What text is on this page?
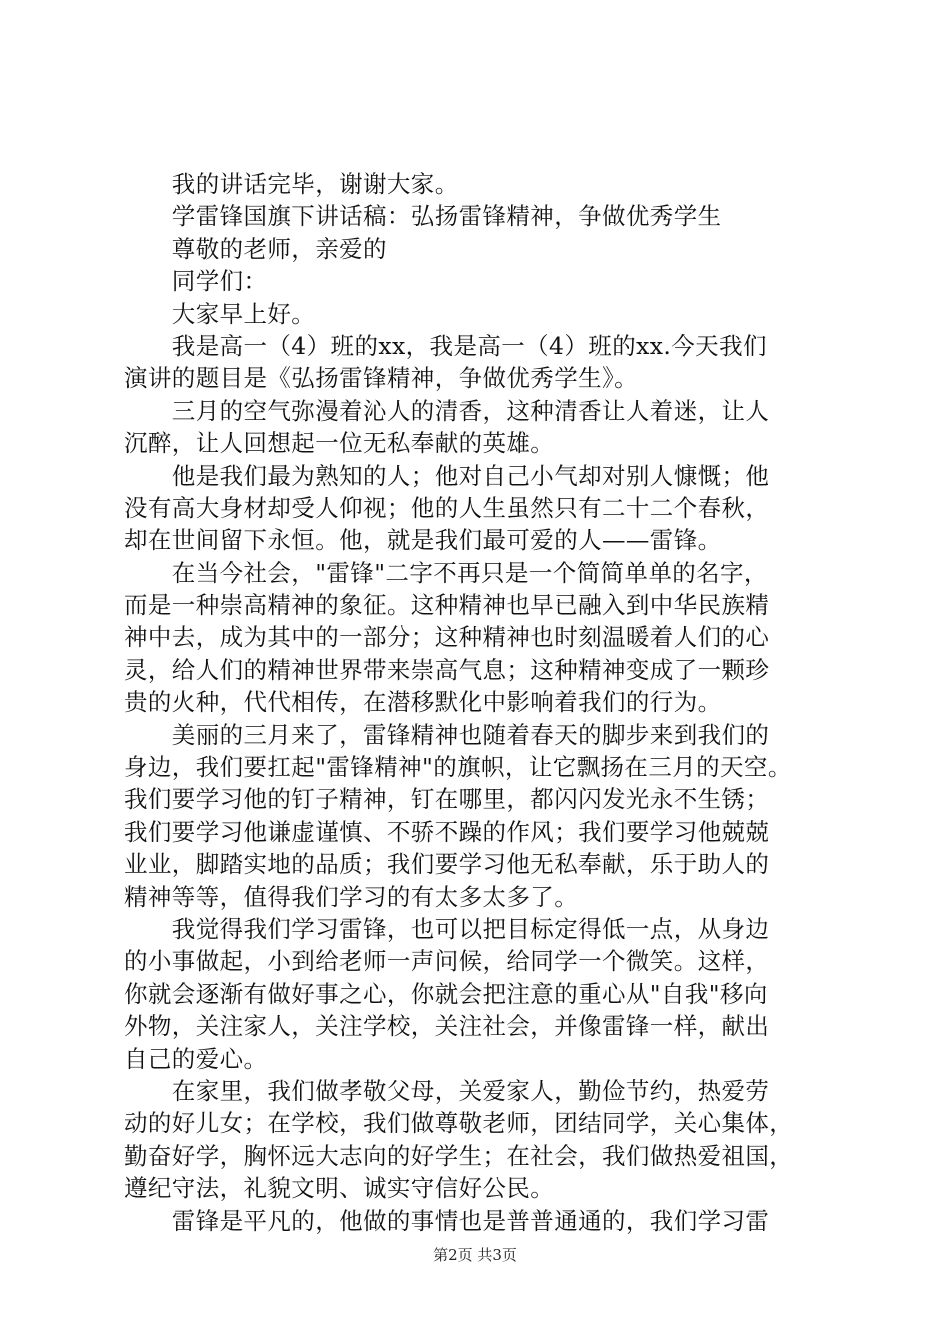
　　我的讲话完毕，谢谢大家。
　　学雷锋国旗下讲话稿：弘扬雷锋精神，争做优秀学生
　　尊敬的老师，亲爱的
　　同学们：
　　大家早上好。
　　我是高一（4）班的xx，我是高一（4）班的xx.今天我们
演讲的题目是《弘扬雷锋精神，争做优秀学生》。
　　三月的空气弥漫着沁人的清香，这种清香让人着迷，让人
沉醉，让人回想起一位无私奉献的英雄。
　　他是我们最为熟知的人；他对自己小气却对别人慷慨；他
没有高大身材却受人仰视；他的人生虽然只有二十二个春秋，
却在世间留下永恒。他，就是我们最可爱的人——雷锋。
　　在当今社会，"雷锋"二字不再只是一个简简单单的名字，
而是一种崇高精神的象征。这种精神也早已融入到中华民族精
神中去，成为其中的一部分；这种精神也时刻温暖着人们的心
灵，给人们的精神世界带来崇高气息；这种精神变成了一颗珍
贵的火种，代代相传，在潜移默化中影响着我们的行为。
　　美丽的三月来了，雷锋精神也随着春天的脚步来到我们的
身边，我们要扛起"雷锋精神"的旗帜，让它飘扬在三月的天空。
我们要学习他的钉子精神，钉在哪里，都闪闪发光永不生锈；
我们要学习他谦虚谨慎、不骄不躁的作风；我们要学习他兢兢
业业，脚踏实地的品质；我们要学习他无私奉献，乐于助人的
精神等等，值得我们学习的有太多太多了。
　　我觉得我们学习雷锋，也可以把目标定得低一点，从身边
的小事做起，小到给老师一声问候，给同学一个微笑。这样，
你就会逐渐有做好事之心，你就会把注意的重心从"自我"移向
外物，关注家人，关注学校，关注社会，并像雷锋一样，献出
自己的爱心。
　　在家里，我们做孝敬父母，关爱家人，勤俭节约，热爱劳
动的好儿女；在学校，我们做尊敬老师，团结同学，关心集体，
勤奋好学，胸怀远大志向的好学生；在社会，我们做热爱祖国，
遵纪守法，礼貌文明、诚实守信好公民。
　　雷锋是平凡的，他做的事情也是普普通通的，我们学习雷
第2页 共3页
